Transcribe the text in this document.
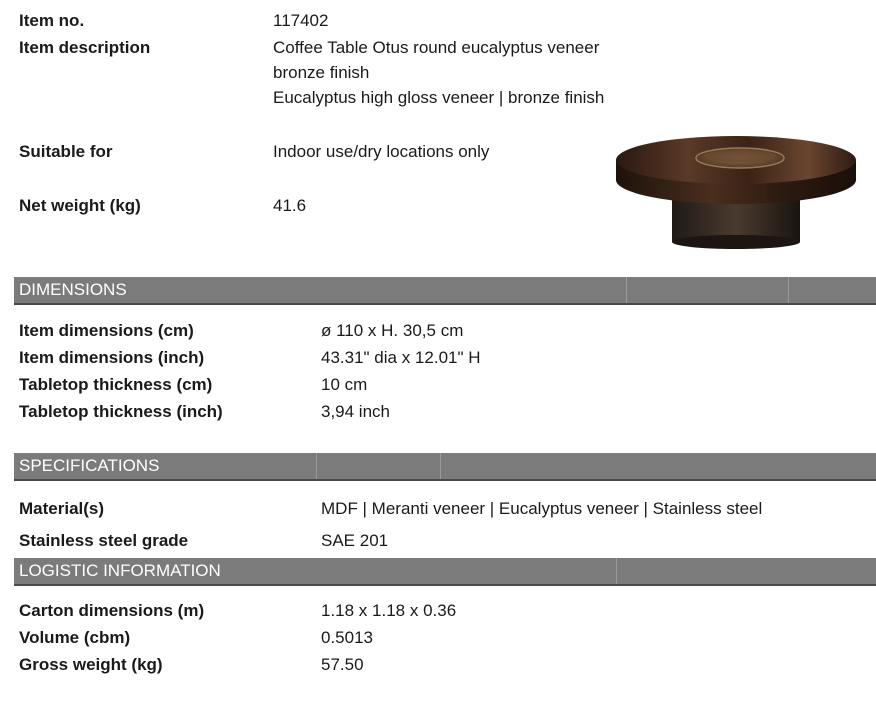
Item no.	117402
Item description	Coffee Table Otus round eucalyptus veneer
bronze finish
Eucalyptus high gloss veneer | bronze finish
Suitable for	Indoor use/dry locations only
Net weight (kg)	41.6
DIMENSIONS
Item dimensions (cm)	ø 110 x H. 30,5 cm
Item dimensions (inch)	43.31" dia x 12.01" H
Tabletop thickness (cm)	10 cm
Tabletop thickness (inch)	3,94 inch
SPECIFICATIONS
Material(s)	MDF | Meranti veneer | Eucalyptus veneer | Stainless steel
Stainless steel grade	SAE 201
LOGISTIC INFORMATION
Carton dimensions (m)	1.18 x 1.18 x 0.36
Volume (cbm)	0.5013
Gross weight (kg)	57.50
